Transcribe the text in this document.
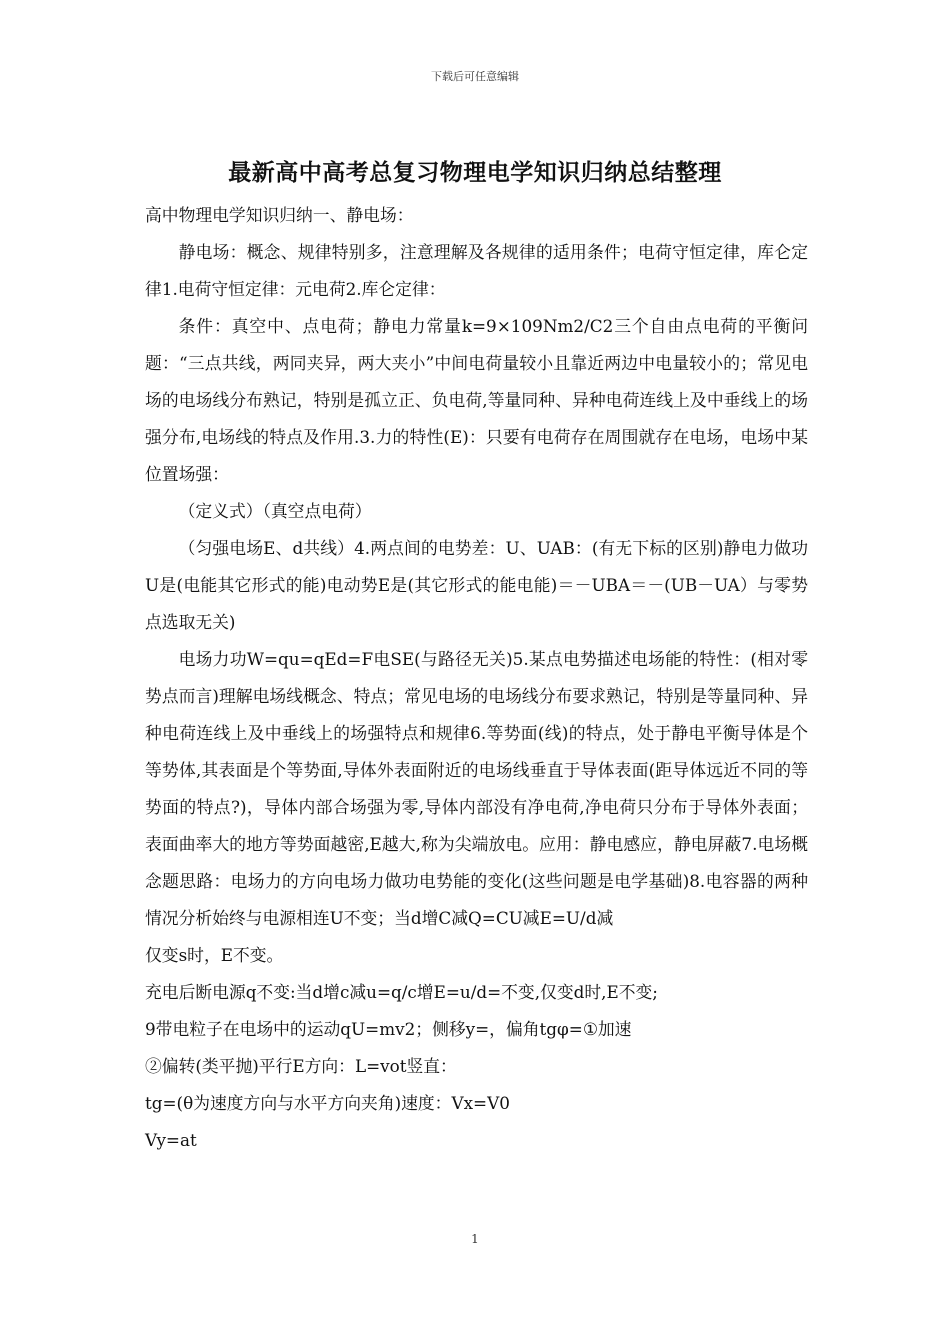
下载后可任意编辑
最新高中高考总复习物理电学知识归纳总结整理

高中物理电学知识归纳一、静电场：

静电场：概念、规律特别多，注意理解及各规律的适用条件；电荷守恒定律，库仑定律1.电荷守恒定律：元电荷2.库仑定律：

条件：真空中、点电荷；静电力常量k=9×109Nm2/C2三个自由点电荷的平衡问题：“三点共线，两同夹异，两大夹小”中间电荷量较小且靠近两边中电量较小的；常见电场的电场线分布熟记，特别是孤立正、负电荷,等量同种、异种电荷连线上及中垂线上的场强分布,电场线的特点及作用.3.力的特性(E)：只要有电荷存在周围就存在电场，电场中某位置场强：

（定义式）（真空点电荷）

（匀强电场E、d共线）4.两点间的电势差：U、UAB：(有无下标的区别)静电力做功U是(电能其它形式的能)电动势E是(其它形式的能电能)＝－UBA＝－(UB－UA）与零势点选取无关)

电场力功W=qu=qEd=F电SE(与路径无关)5.某点电势描述电场能的特性：(相对零势点而言)理解电场线概念、特点；常见电场的电场线分布要求熟记，特别是等量同种、异种电荷连线上及中垂线上的场强特点和规律6.等势面(线)的特点，处于静电平衡导体是个等势体,其表面是个等势面,导体外表面附近的电场线垂直于导体表面(距导体远近不同的等势面的特点?)，导体内部合场强为零,导体内部没有净电荷,净电荷只分布于导体外表面；表面曲率大的地方等势面越密,E越大,称为尖端放电。应用：静电感应，静电屏蔽7.电场概念题思路：电场力的方向电场力做功电势能的变化(这些问题是电学基础)8.电容器的两种情况分析始终与电源相连U不变；当d增C减Q=CU减E=U/d减

仅变s时，E不变。

充电后断电源q不变:当d增c减u=q/c增E=u/d=不变,仅变d时,E不变;

9带电粒子在电场中的运动qU=mv2；侧移y=，偏角tgφ=①加速

②偏转(类平抛)平行E方向：L=vot竖直：

tg=(θ为速度方向与水平方向夹角)速度：Vx=V0

Vy=at

1
